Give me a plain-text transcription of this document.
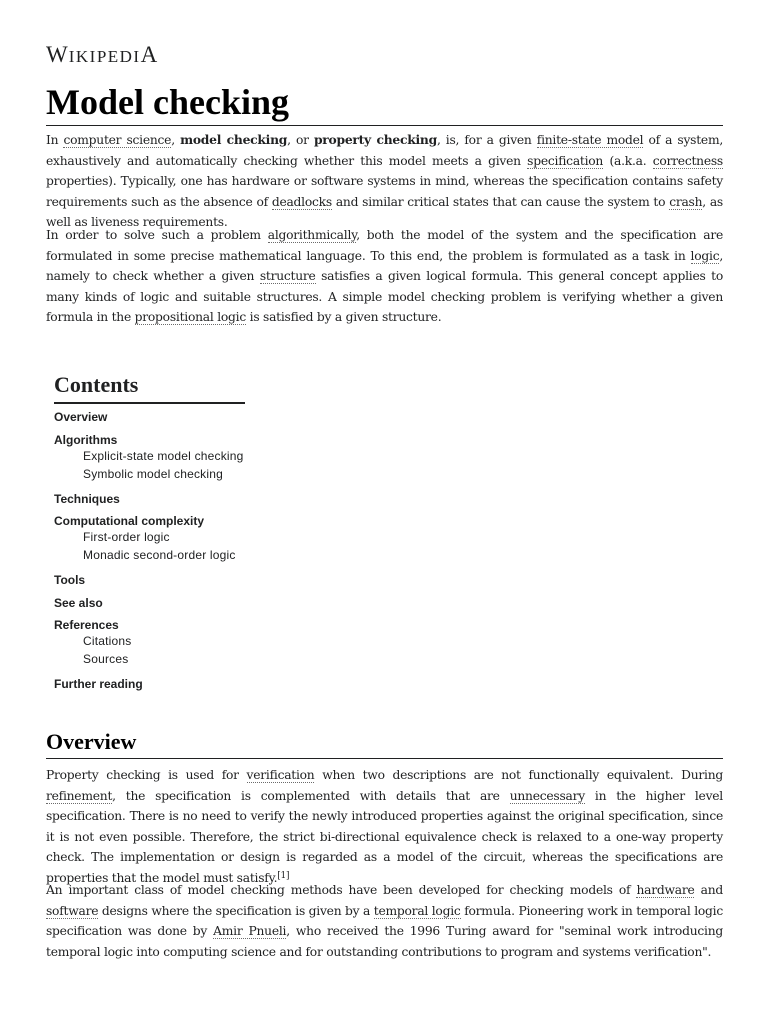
WIKIPEDIA
Model checking

In computer science, model checking, or property checking, is, for a given finite-state model of a system, exhaustively and automatically checking whether this model meets a given specification (a.k.a. correctness properties). Typically, one has hardware or software systems in mind, whereas the specification contains safety requirements such as the absence of deadlocks and similar critical states that can cause the system to crash, as well as liveness requirements.

In order to solve such a problem algorithmically, both the model of the system and the specification are formulated in some precise mathematical language. To this end, the problem is formulated as a task in logic, namely to check whether a given structure satisfies a given logical formula. This general concept applies to many kinds of logic and suitable structures. A simple model checking problem is verifying whether a given formula in the propositional logic is satisfied by a given structure.

Contents
Overview
Algorithms
Explicit-state model checking
Symbolic model checking
Techniques
Computational complexity
First-order logic
Monadic second-order logic
Tools
See also
References
Citations
Sources
Further reading
Overview

Property checking is used for verification when two descriptions are not functionally equivalent. During refinement, the specification is complemented with details that are unnecessary in the higher level specification. There is no need to verify the newly introduced properties against the original specification, since it is not even possible. Therefore, the strict bi-directional equivalence check is relaxed to a one-way property check. The implementation or design is regarded as a model of the circuit, whereas the specifications are properties that the model must satisfy.[1]

An important class of model checking methods have been developed for checking models of hardware and software designs where the specification is given by a temporal logic formula. Pioneering work in temporal logic specification was done by Amir Pnueli, who received the 1996 Turing award for "seminal work introducing temporal logic into computing science and for outstanding contributions to program and systems verification".
